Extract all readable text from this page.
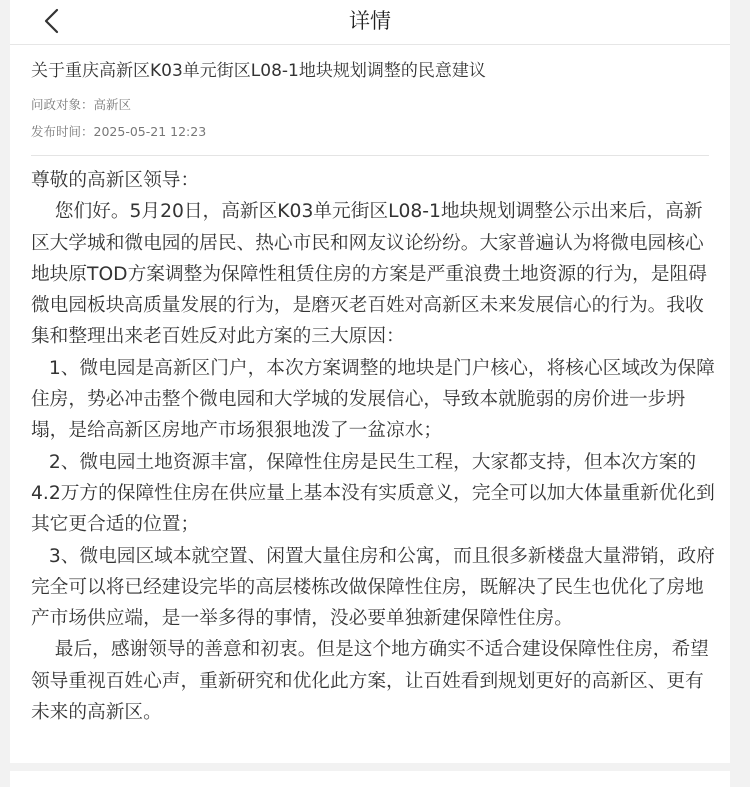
详情
关于重庆高新区K03单元街区L08-1地块规划调整的民意建议
问政对象：高新区
发布时间：2025-05-21 12:23

尊敬的高新区领导：

您们好。5月20日，高新区K03单元街区L08-1地块规划调整公示出来后，高新区大学城和微电园的居民、热心市民和网友议论纷纷。大家普遍认为将微电园核心地块原TOD方案调整为保障性租赁住房的方案是严重浪费土地资源的行为，是阻碍微电园板块高质量发展的行为，是磨灭老百姓对高新区未来发展信心的行为。我收集和整理出来老百姓反对此方案的三大原因：

1、微电园是高新区门户，本次方案调整的地块是门户核心，将核心区域改为保障住房，势必冲击整个微电园和大学城的发展信心，导致本就脆弱的房价进一步坍塌，是给高新区房地产市场狠狠地泼了一盆凉水；

2、微电园土地资源丰富，保障性住房是民生工程，大家都支持，但本次方案的4.2万方的保障性住房在供应量上基本没有实质意义，完全可以加大体量重新优化到其它更合适的位置；

3、微电园区域本就空置、闲置大量住房和公寓，而且很多新楼盘大量滞销，政府完全可以将已经建设完毕的高层楼栋改做保障性住房，既解决了民生也优化了房地产市场供应端，是一举多得的事情，没必要单独新建保障性住房。

最后，感谢领导的善意和初衷。但是这个地方确实不适合建设保障性住房，希望领导重视百姓心声，重新研究和优化此方案，让百姓看到规划更好的高新区、更有未来的高新区。
